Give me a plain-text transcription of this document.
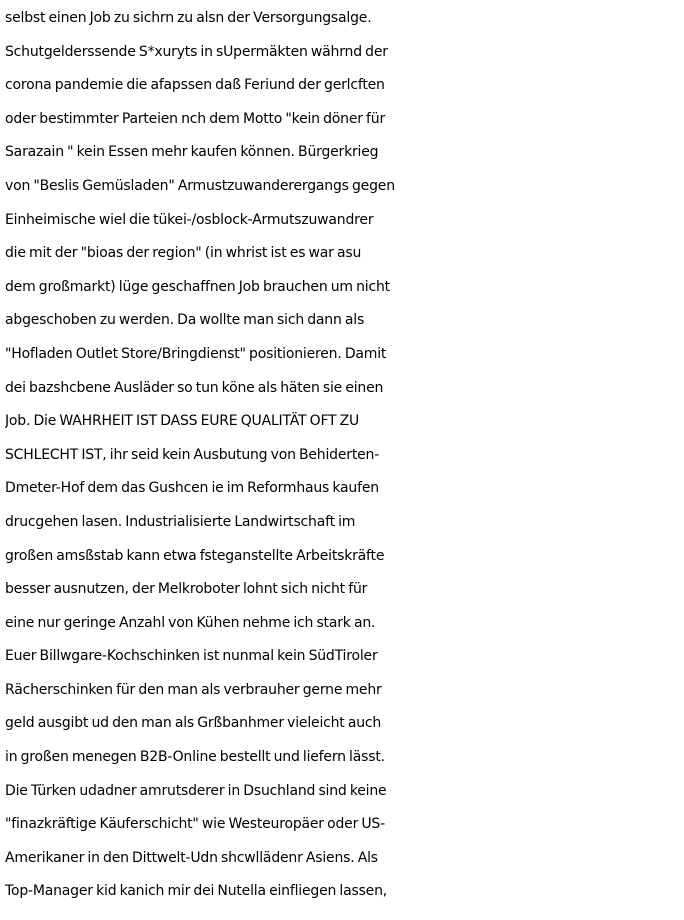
selbst einen Job zu sichrn zu alsn der Versorgungsalge.
Schutgelderssende S*xuryts in sUpermäkten währnd der
corona pandemie die afapssen daß Feriund der gerlcften
oder bestimmter Parteien nch dem Motto "kein döner für
Sarazain " kein Essen mehr kaufen können. Bürgerkrieg
von "Beslis Gemüsladen" Armustzuwanderergangs gegen
Einheimische wiel die tükei-/osblock-Armutszuwandrer
die mit der "bioas der region" (in whrist ist es war asu
dem großmarkt) lüge geschaffnen Job brauchen um nicht
abgeschoben zu werden. Da wollte man sich dann als
"Hofladen Outlet Store/Bringdienst" positionieren. Damit
dei bazshcbene Ausläder so tun köne als häten sie einen
Job. Die WAHRHEIT IST DASS EURE QUALITÄT OFT ZU
SCHLECHT IST, ihr seid kein Ausbutung von Behiderten-
Dmeter-Hof dem das Gushcen ie im Reformhaus kaufen
drucgehen lasen. Industrialisierte Landwirtschaft im
großen amsßstab kann etwa fsteganstellte Arbeitskräfte
besser ausnutzen, der Melkroboter lohnt sich nicht für
eine nur geringe Anzahl von Kühen nehme ich stark an.
Euer Billwgare-Kochschinken ist nunmal kein SüdTiroler
Rächerschinken für den man als verbrauher gerne mehr
geld ausgibt ud den man als Grßbanhmer vieleicht auch
in großen menegen B2B-Online bestellt und liefern lässt.
Die Türken udadner amrutsderer in Dsuchland sind keine
"finazkräftige Käuferschicht" wie Westeuropäer oder US-
Amerikaner in den Dittwelt-Udn shcwllädenr Asiens. Als
Top-Manager kid kanich mir dei Nutella einfliegen lassen,
